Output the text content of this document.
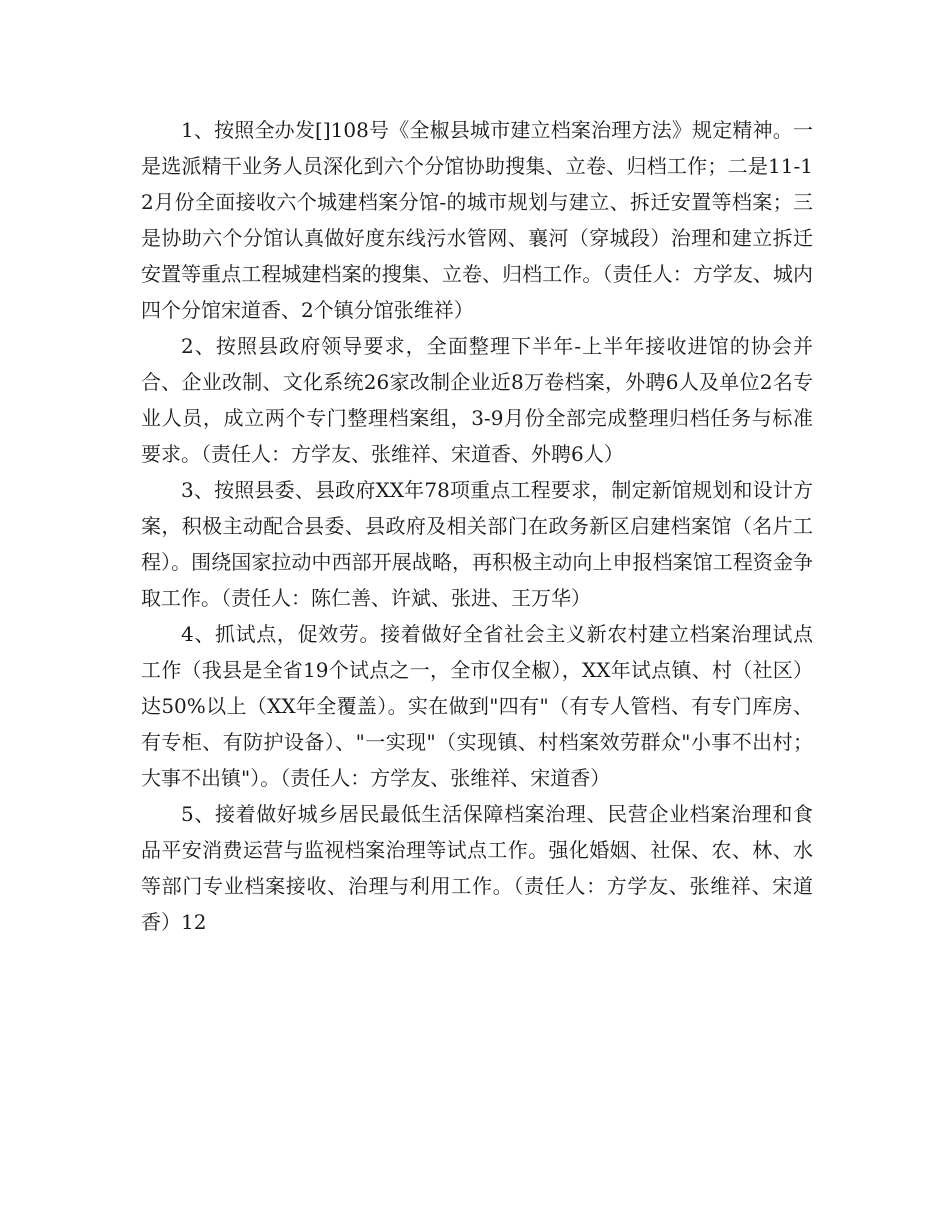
1、按照全办发[]108号《全椒县城市建立档案治理方法》规定精神。一是选派精干业务人员深化到六个分馆协助搜集、立卷、归档工作；二是11-12月份全面接收六个城建档案分馆-的城市规划与建立、拆迁安置等档案；三是协助六个分馆认真做好度东线污水管网、襄河（穿城段）治理和建立拆迁安置等重点工程城建档案的搜集、立卷、归档工作。（责任人：方学友、城内四个分馆宋道香、2个镇分馆张维祥）

2、按照县政府领导要求，全面整理下半年-上半年接收进馆的协会并合、企业改制、文化系统26家改制企业近8万卷档案，外聘6人及单位2名专业人员，成立两个专门整理档案组，3-9月份全部完成整理归档任务与标准要求。（责任人：方学友、张维祥、宋道香、外聘6人）

3、按照县委、县政府XX年78项重点工程要求，制定新馆规划和设计方案，积极主动配合县委、县政府及相关部门在政务新区启建档案馆（名片工程）。围绕国家拉动中西部开展战略，再积极主动向上申报档案馆工程资金争取工作。（责任人：陈仁善、许斌、张进、王万华）

4、抓试点，促效劳。接着做好全省社会主义新农村建立档案治理试点工作（我县是全省19个试点之一，全市仅全椒），XX年试点镇、村（社区）达50%以上（XX年全覆盖）。实在做到"四有"（有专人管档、有专门库房、有专柜、有防护设备）、"一实现"（实现镇、村档案效劳群众"小事不出村；大事不出镇"）。（责任人：方学友、张维祥、宋道香）

5、接着做好城乡居民最低生活保障档案治理、民营企业档案治理和食品平安消费运营与监视档案治理等试点工作。强化婚姻、社保、农、林、水等部门专业档案接收、治理与利用工作。（责任人：方学友、张维祥、宋道香）12
